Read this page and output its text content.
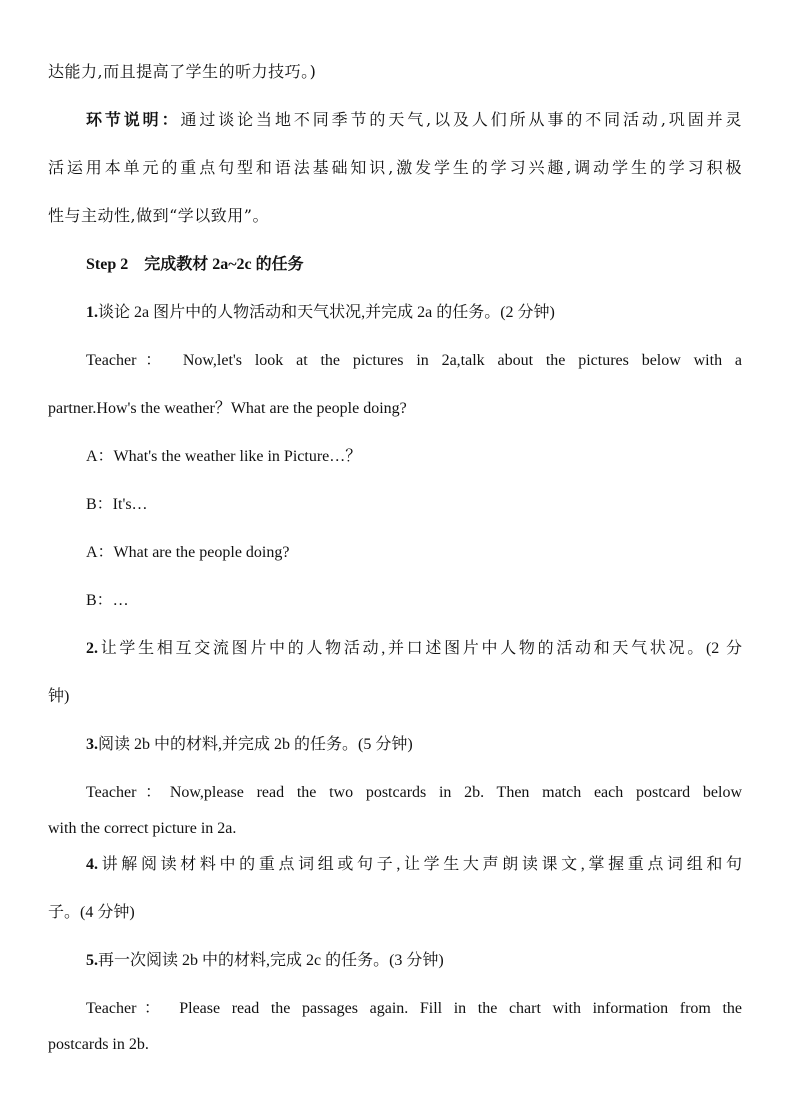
达能力,而且提高了学生的听力技巧。)
环节说明：通过谈论当地不同季节的天气,以及人们所从事的不同活动,巩固并灵
活运用本单元的重点句型和语法基础知识,激发学生的学习兴趣,调动学生的学习积极
性与主动性,做到“学以致用”。
Step 2　完成教材 2a~2c 的任务
1.谈论 2a 图片中的人物活动和天气状况,并完成 2a 的任务。(2 分钟)
Teacher： Now,let's look at the pictures in 2a,talk about the pictures below with a
partner.How's the weather？What are the people doing?
A：What's the weather like in Picture…？
B：It's…
A：What are the people doing?
B：…
2.让学生相互交流图片中的人物活动,并口述图片中人物的活动和天气状况。(2 分
钟)
3.阅读 2b 中的材料,并完成 2b 的任务。(5 分钟)
Teacher：Now,please read the two postcards in 2b. Then match each postcard below
with the correct picture in 2a.
4.讲解阅读材料中的重点词组或句子,让学生大声朗读课文,掌握重点词组和句
子。(4 分钟)
5.再一次阅读 2b 中的材料,完成 2c 的任务。(3 分钟)
Teacher： Please read the passages again. Fill in the chart with information from the
postcards in 2b.
